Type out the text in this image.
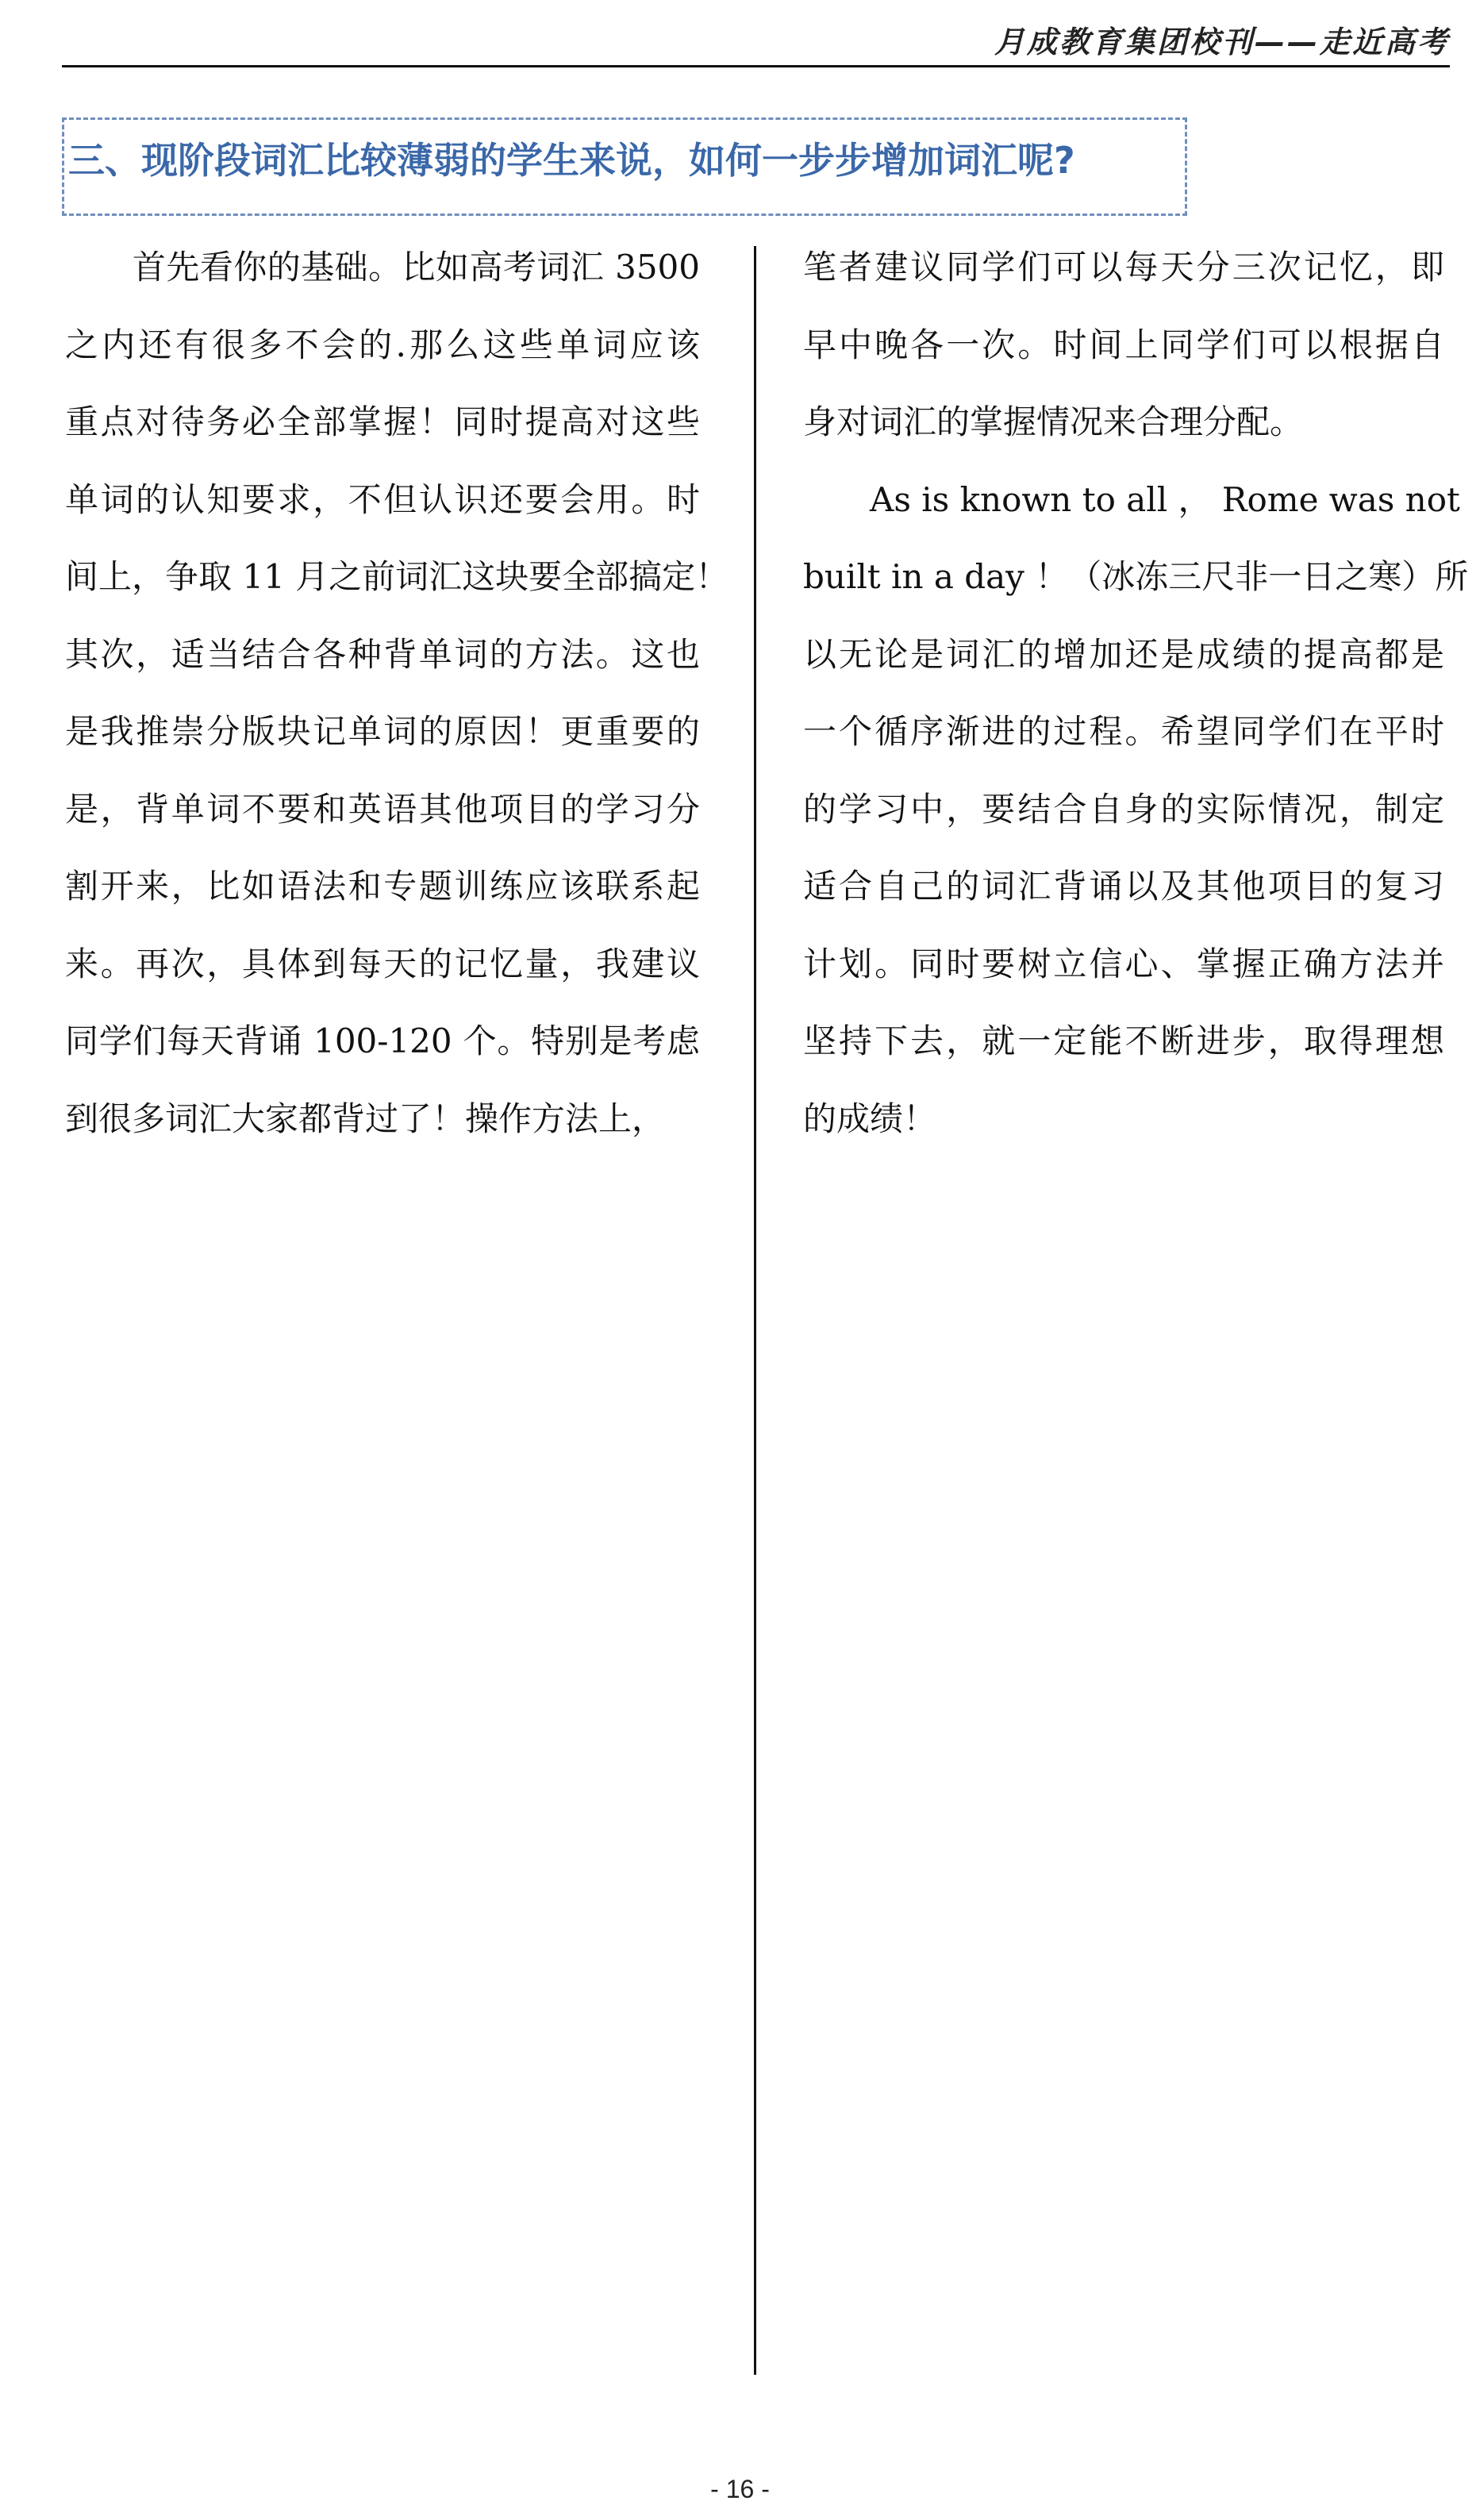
月成教育集团校刊——走近高考
三、现阶段词汇比较薄弱的学生来说，如何一步步增加词汇呢?
　　首先看你的基础。比如高考词汇 3500
之内还有很多不会的.那么这些单词应该
重点对待务必全部掌握！同时提高对这些
单词的认知要求，不但认识还要会用。时
间上，争取 11 月之前词汇这块要全部搞定！
其次，适当结合各种背单词的方法。这也
是我推崇分版块记单词的原因！更重要的
是，背单词不要和英语其他项目的学习分
割开来，比如语法和专题训练应该联系起
来。再次，具体到每天的记忆量，我建议
同学们每天背诵 100-120 个。特别是考虑
到很多词汇大家都背过了！操作方法上，
笔者建议同学们可以每天分三次记忆，即
早中晚各一次。时间上同学们可以根据自
身对词汇的掌握情况来合理分配。
　　As is known to all ， Rome was not
built in a day ！（冰冻三尺非一日之寒）所
以无论是词汇的增加还是成绩的提高都是
一个循序渐进的过程。希望同学们在平时
的学习中，要结合自身的实际情况，制定
适合自己的词汇背诵以及其他项目的复习
计划。同时要树立信心、掌握正确方法并
坚持下去，就一定能不断进步，取得理想
的成绩！
- 16 -
